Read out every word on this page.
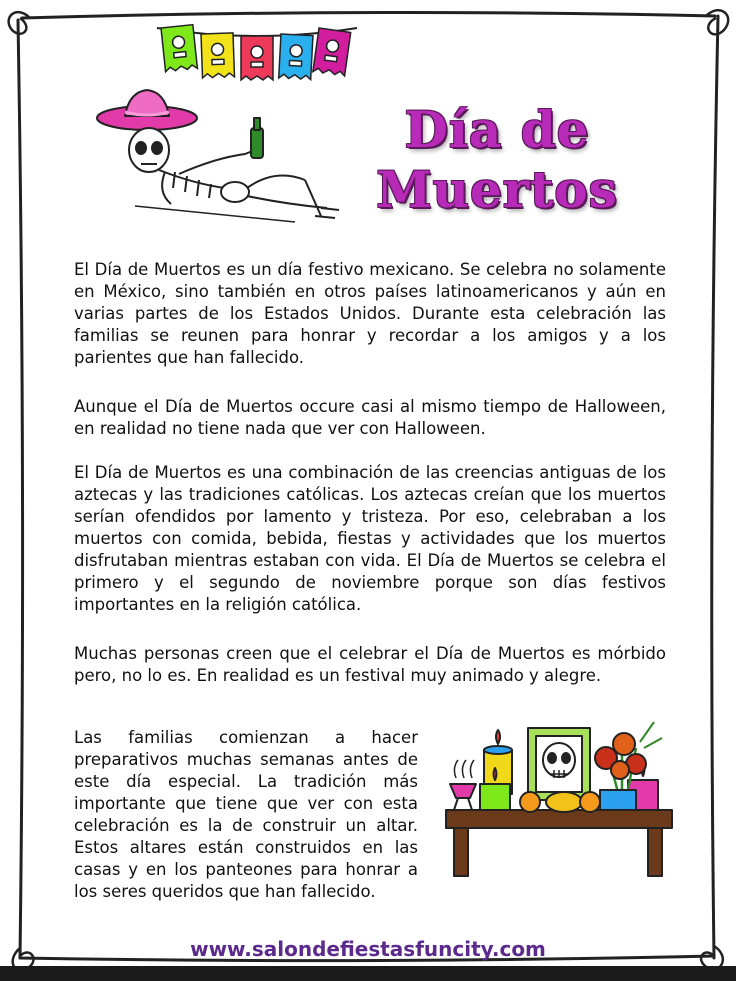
Día de
Muertos

El Día de Muertos es un día festivo mexicano. Se celebra no solamente en México, sino también en otros países latinoamericanos y aún en varias partes de los Estados Unidos. Durante esta celebración las familias se reunen para honrar y recordar a los amigos y a los parientes que han fallecido.

Aunque el Día de Muertos occure casi al mismo tiempo de Halloween, en realidad no tiene nada que ver con Halloween.

El Día de Muertos es una combinación de las creencias antiguas de los aztecas y las tradiciones católicas. Los aztecas creían que los muertos serían ofendidos por lamento y tristeza. Por eso, celebraban a los muertos con comida, bebida, fiestas y actividades que los muertos disfrutaban mientras estaban con vida. El Día de Muertos se celebra el primero y el segundo de noviembre porque son días festivos importantes en la religión católica.

Muchas personas creen que el celebrar el Día de Muertos es mórbido pero, no lo es. En realidad es un festival muy animado y alegre.

Las familias comienzan a hacer preparativos muchas semanas antes de este día especial. La tradición más importante que tiene que ver con esta celebración es la de construir un altar. Estos altares están construidos en las casas y en los panteones para honrar a los seres queridos que han fallecido.

www.salondefiestasfuncity.com
